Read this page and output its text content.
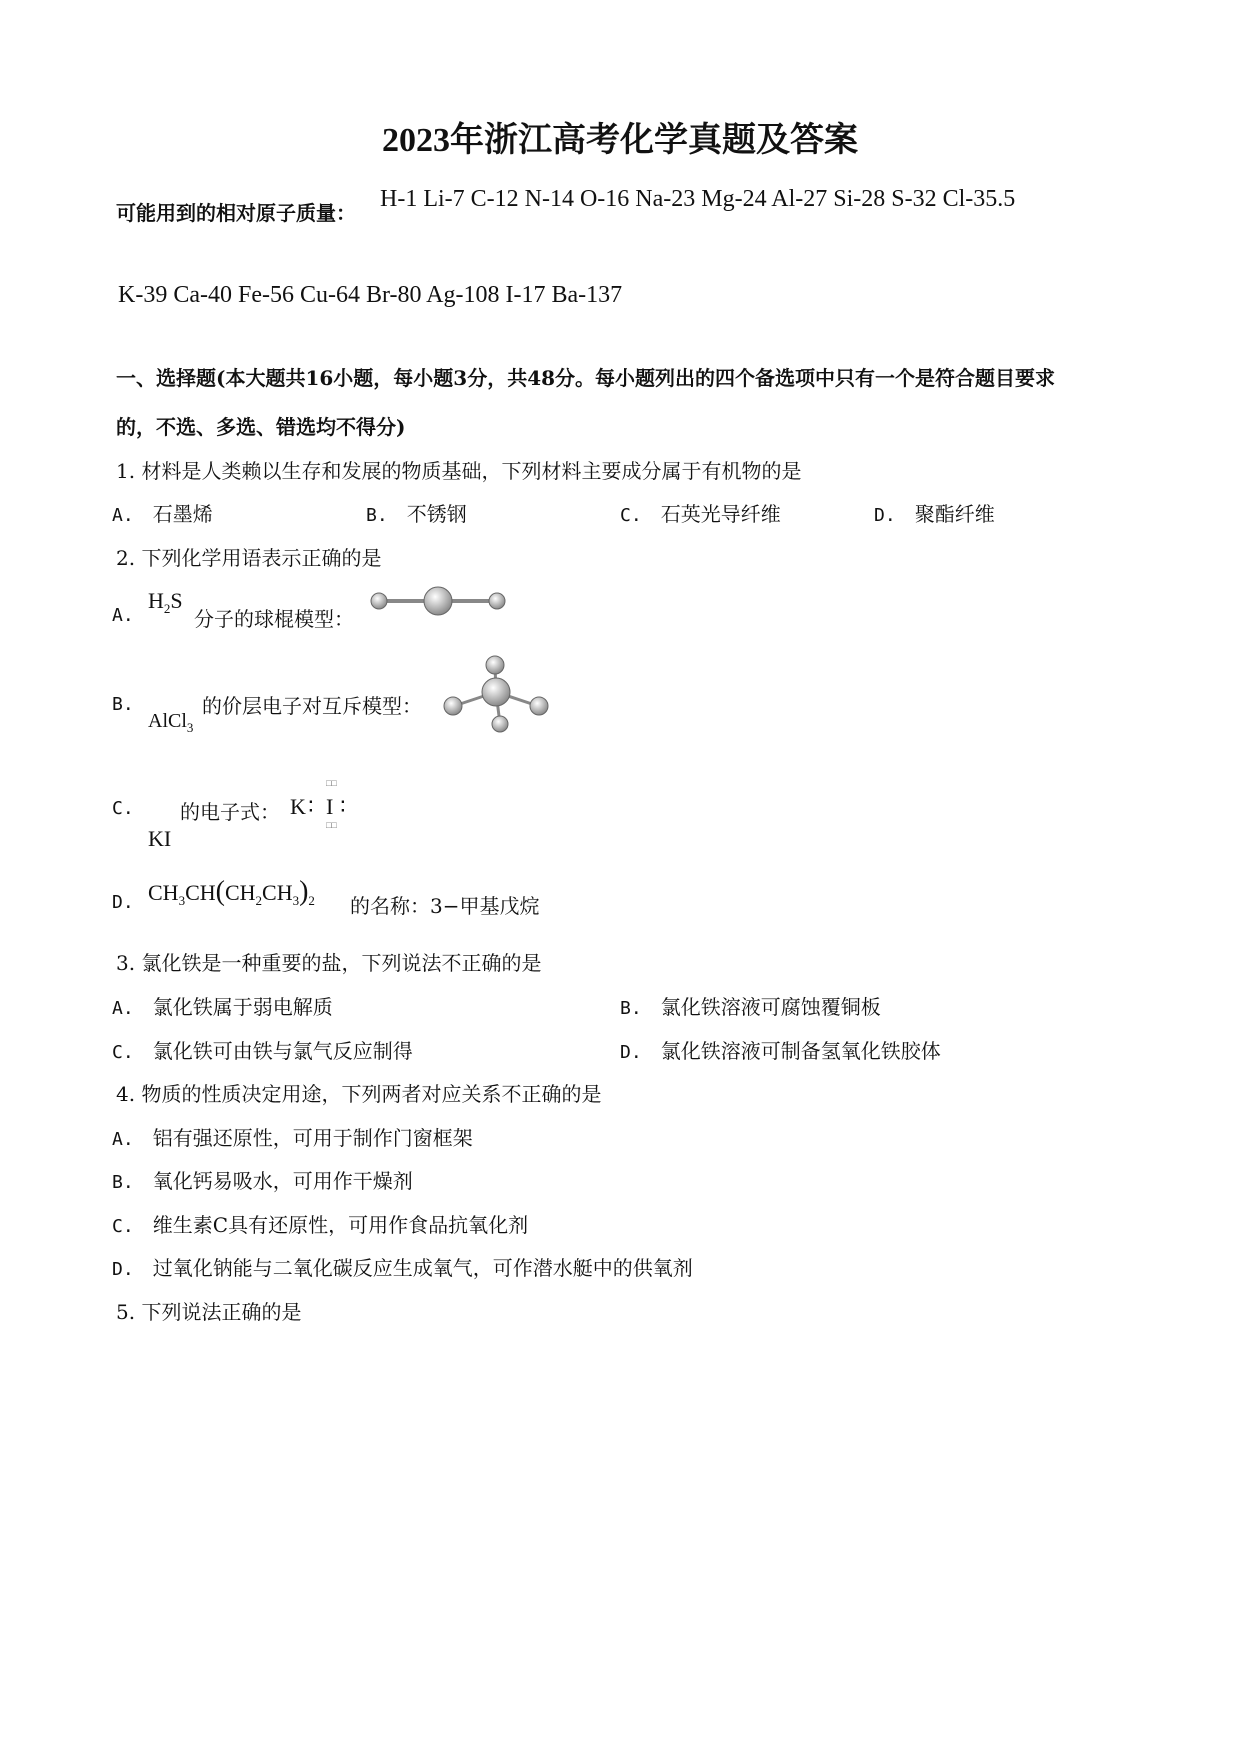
2023年浙江高考化学真题及答案
可能用到的相对原子质量：
H-1 Li-7 C-12 N-14 O-16 Na-23 Mg-24 Al-27 Si-28 S-32 Cl-35.5
K-39 Ca-40 Fe-56 Cu-64 Br-80 Ag-108 I-17 Ba-137
一、选择题(本大题共16小题，每小题3分，共48分。每小题列出的四个备选项中只有一个是符合题目要求
的，不选、多选、错选均不得分)
1. 材料是人类赖以生存和发展的物质基础，下列材料主要成分属于有机物的是
A. 石墨烯	B. 不锈钢	C. 石英光导纤维	D. 聚酯纤维
2. 下列化学用语表示正确的是
A.
$H_2S$
分子的球棍模型：
B.
AlCl$_3$
的价层电子对互斥模型：
C.
KI
的电子式：
□□
K ∶ I ∶
□□
D. $CH_3CH(CH_2CH_3)_2$ 的名称：3−甲基戊烷
3. 氯化铁是一种重要的盐，下列说法不正确的是
A. 氯化铁属于弱电解质	B. 氯化铁溶液可腐蚀覆铜板
C. 氯化铁可由铁与氯气反应制得	D. 氯化铁溶液可制备氢氧化铁胶体
4. 物质的性质决定用途，下列两者对应关系不正确的是
A. 铝有强还原性，可用于制作门窗框架
B. 氧化钙易吸水，可用作干燥剂
C. 维生素C具有还原性，可用作食品抗氧化剂
D. 过氧化钠能与二氧化碳反应生成氧气，可作潜水艇中的供氧剂
5. 下列说法正确的是
